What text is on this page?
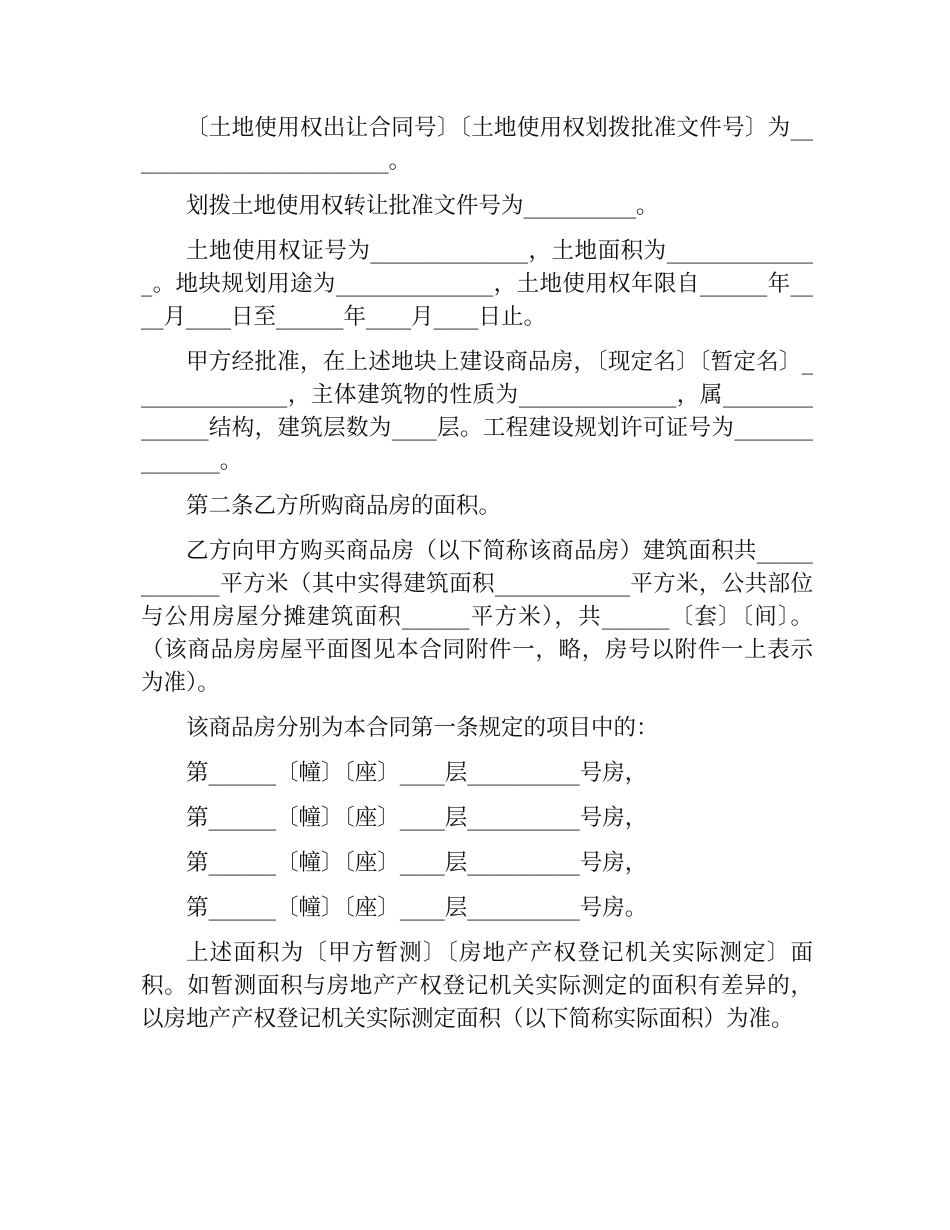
〔土地使用权出让合同号〕〔土地使用权划拨批准文件号〕为________________________。

划拨土地使用权转让批准文件号为__________。

土地使用权证号为______________，土地面积为______________。地块规划用途为______________，土地使用权年限自______年____月____日至______年____月____日止。

甲方经批准，在上述地块上建设商品房，〔现定名〕〔暂定名〕______________，主体建筑物的性质为______________，属______________结构，建筑层数为____层。工程建设规划许可证号为______________。

第二条乙方所购商品房的面积。

乙方向甲方购买商品房（以下简称该商品房）建筑面积共____________平方米（其中实得建筑面积____________平方米，公共部位与公用房屋分摊建筑面积______平方米），共______〔套〕〔间〕。（该商品房房屋平面图见本合同附件一，略，房号以附件一上表示为准）。

该商品房分别为本合同第一条规定的项目中的：

第______〔幢〕〔座〕____层__________号房，

第______〔幢〕〔座〕____层__________号房，

第______〔幢〕〔座〕____层__________号房，

第______〔幢〕〔座〕____层__________号房。

上述面积为〔甲方暂测〕〔房地产产权登记机关实际测定〕面积。如暂测面积与房地产产权登记机关实际测定的面积有差异的，以房地产产权登记机关实际测定面积（以下简称实际面积）为准。
